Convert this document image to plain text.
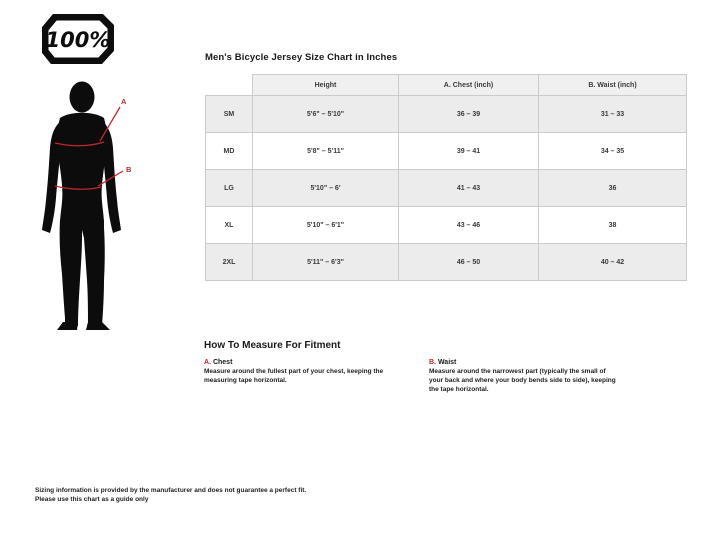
100%
A
B
Men's Bicycle Jersey Size Chart in Inches
	Height	A. Chest (inch)	B. Waist (inch)
SM	5'6" – 5'10"	36 – 39	31 – 33
MD	5'8" – 5'11"	39 – 41	34 – 35
LG	5'10" – 6'	41 – 43	36
XL	5'10" – 6'1"	43 – 46	38
2XL	5'11" – 6'3"	46 – 50	40 – 42
How To Measure For Fitment
A. Chest
Measure around the fullest part of your chest, keeping the measuring tape horizontal.
B. Waist
Measure around the narrowest part (typically the small of your back and where your body bends side to side), keeping the tape horizontal.
Sizing information is provided by the manufacturer and does not guarantee a perfect fit.
Please use this chart as a guide only
